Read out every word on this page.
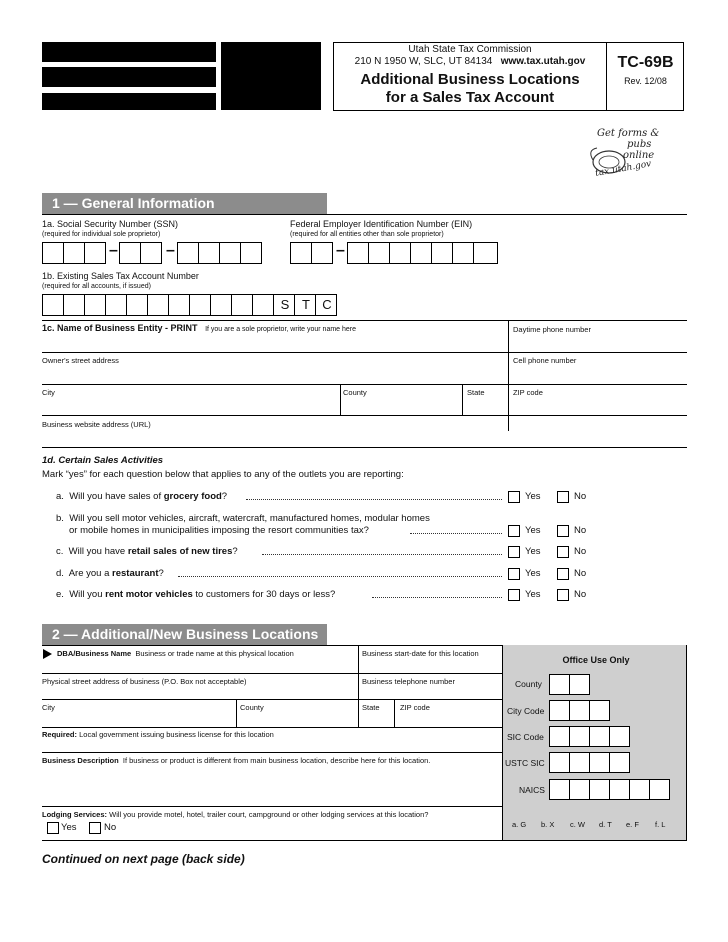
Utah State Tax Commission
210 N 1950 W, SLC, UT 84134 www.tax.utah.gov
Additional Business Locations
for a Sales Tax Account
TC-69B
Rev. 12/08
Get forms &
pubs
online
tax.utah.gov
1 — General Information
1a. Social Security Number (SSN)
(required for individual sole proprietor)
Federal Employer Identification Number (EIN)
(required for all entities other than sole proprietor)
–	–	–
1b. Existing Sales Tax Account Number
(required for all accounts, if issued)
S T C
1c. Name of Business Entity - PRINT If you are a sole proprietor, write your name here	Daytime phone number
Owner's street address	Cell phone number
City	County	State	ZIP code
Business website address (URL)
1d. Certain Sales Activities
Mark “yes” for each question below that applies to any of the outlets you are reporting:
a. Will you have sales of grocery food?	Yes	No
b. Will you sell motor vehicles, aircraft, watercraft, manufactured homes, modular homes
or mobile homes in municipalities imposing the resort communities tax?	Yes	No
c. Will you have retail sales of new tires?	Yes	No
d. Are you a restaurant?	Yes	No
e. Will you rent motor vehicles to customers for 30 days or less?	Yes	No
2 — Additional/New Business Locations
DBA/Business Name Business or trade name at this physical location	Business start-date for this location
Physical street address of business (P.O. Box not acceptable)	Business telephone number
City	County	State	ZIP code
Required: Local government issuing business license for this location
Business Description If business or product is different from main business location, describe here for this location.
Lodging Services: Will you provide motel, hotel, trailer court, campground or other lodging services at this location?
Yes	No
Office Use Only
County
City Code
SIC Code
USTC SIC
NAICS
a. G b. X c. W d. T e. F f. L
Continued on next page (back side)
